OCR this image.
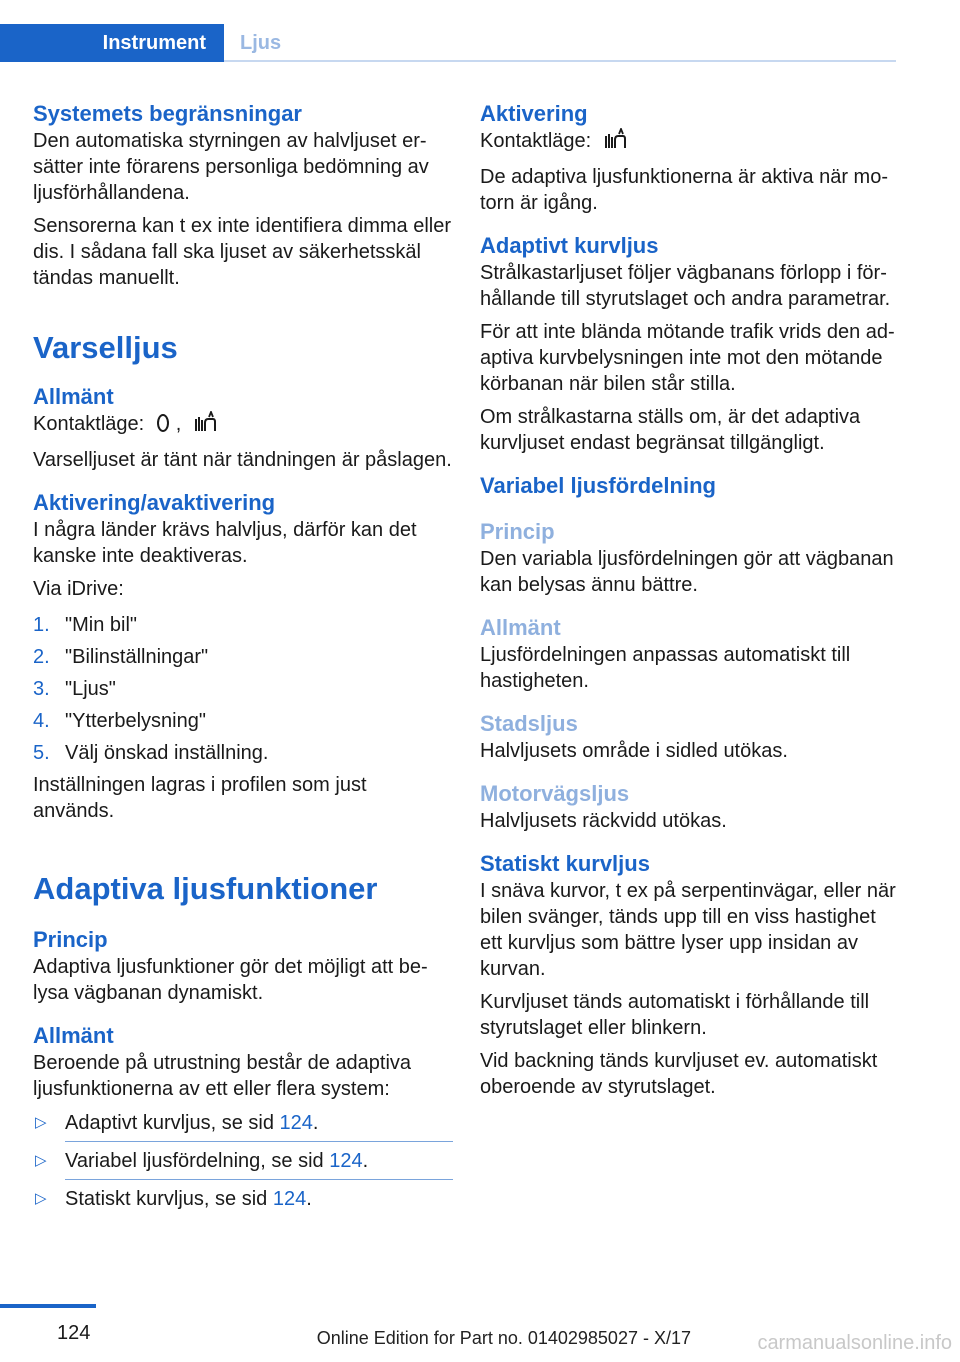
Instrument Ljus
Systemets begränsningar

Den automatiska styrningen av halvljuset ersätter inte förarens personliga bedömning av ljusförhållandena.

Sensorerna kan t ex inte identifiera dimma eller dis. I sådana fall ska ljuset av säkerhetsskäl tändas manuellt.

Varselljus
Allmänt

Kontaktläge: ,

Varselljuset är tänt när tändningen är påslagen.

Aktivering/avaktivering

I några länder krävs halvljus, därför kan det kanske inte deaktiveras.

Via iDrive:

1. "Min bil"
2. "Bilinställningar"
3. "Ljus"
4. "Ytterbelysning"
5. Välj önskad inställning.

Inställningen lagras i profilen som just används.

Adaptiva ljusfunktioner
Princip

Adaptiva ljusfunktioner gör det möjligt att belysa vägbanan dynamiskt.

Allmänt

Beroende på utrustning består de adaptiva ljusfunktionerna av ett eller flera system:

▷ Adaptivt kurvljus, se sid 124.
▷ Variabel ljusfördelning, se sid 124.
▷ Statiskt kurvljus, se sid 124.
Aktivering

Kontaktläge:

De adaptiva ljusfunktionerna är aktiva när motorn är igång.

Adaptivt kurvljus

Strålkastarljuset följer vägbanans förlopp i förhållande till styrutslaget och andra parametrar.

För att inte blända mötande trafik vrids den adaptiva kurvbelysningen inte mot den mötande körbanan när bilen står stilla.

Om strålkastarna ställs om, är det adaptiva kurvljuset endast begränsat tillgängligt.

Variabel ljusfördelning
Princip

Den variabla ljusfördelningen gör att vägbanan kan belysas ännu bättre.

Allmänt

Ljusfördelningen anpassas automatiskt till hastigheten.

Stadsljus

Halvljusets område i sidled utökas.

Motorvägsljus

Halvljusets räckvidd utökas.

Statiskt kurvljus

I snäva kurvor, t ex på serpentinvägar, eller när bilen svänger, tänds upp till en viss hastighet ett kurvljus som bättre lyser upp insidan av kurvan.

Kurvljuset tänds automatiskt i förhållande till styrutslaget eller blinkern.

Vid backning tänds kurvljuset ev. automatiskt oberoende av styrutslaget.

124	Online Edition for Part no. 01402985027 - X/17	carmanualsonline.info
